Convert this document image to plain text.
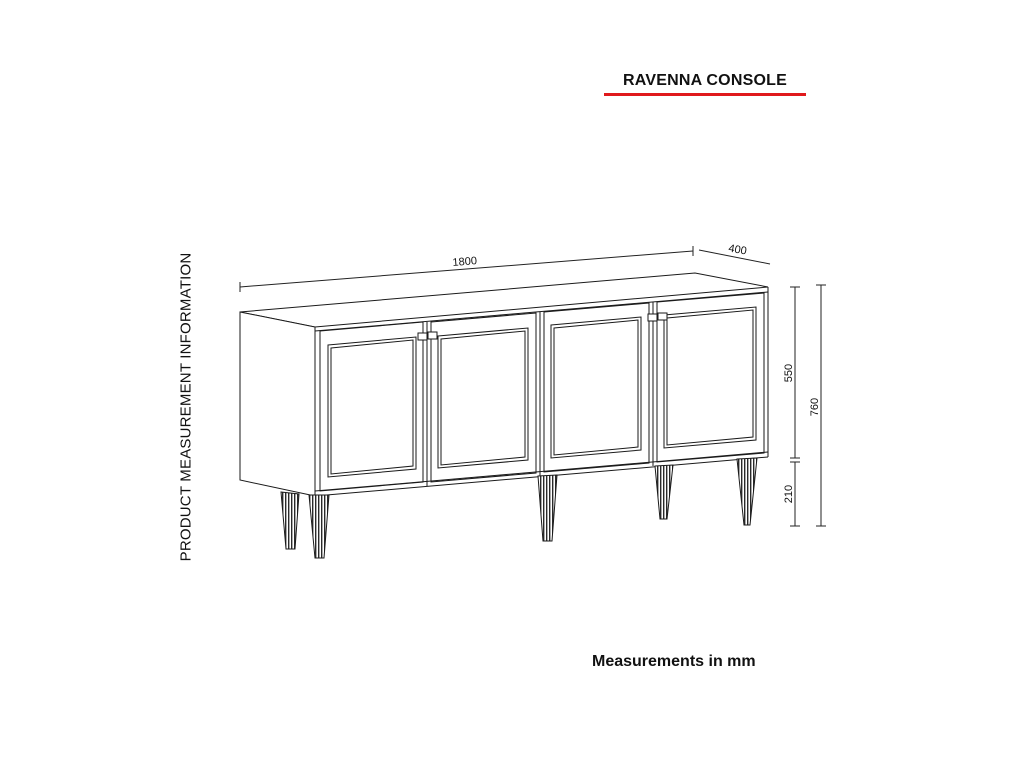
RAVENNA CONSOLE
PRODUCT MEASUREMENT INFORMATION	1800
400
550
210
760
Measurements in mm
